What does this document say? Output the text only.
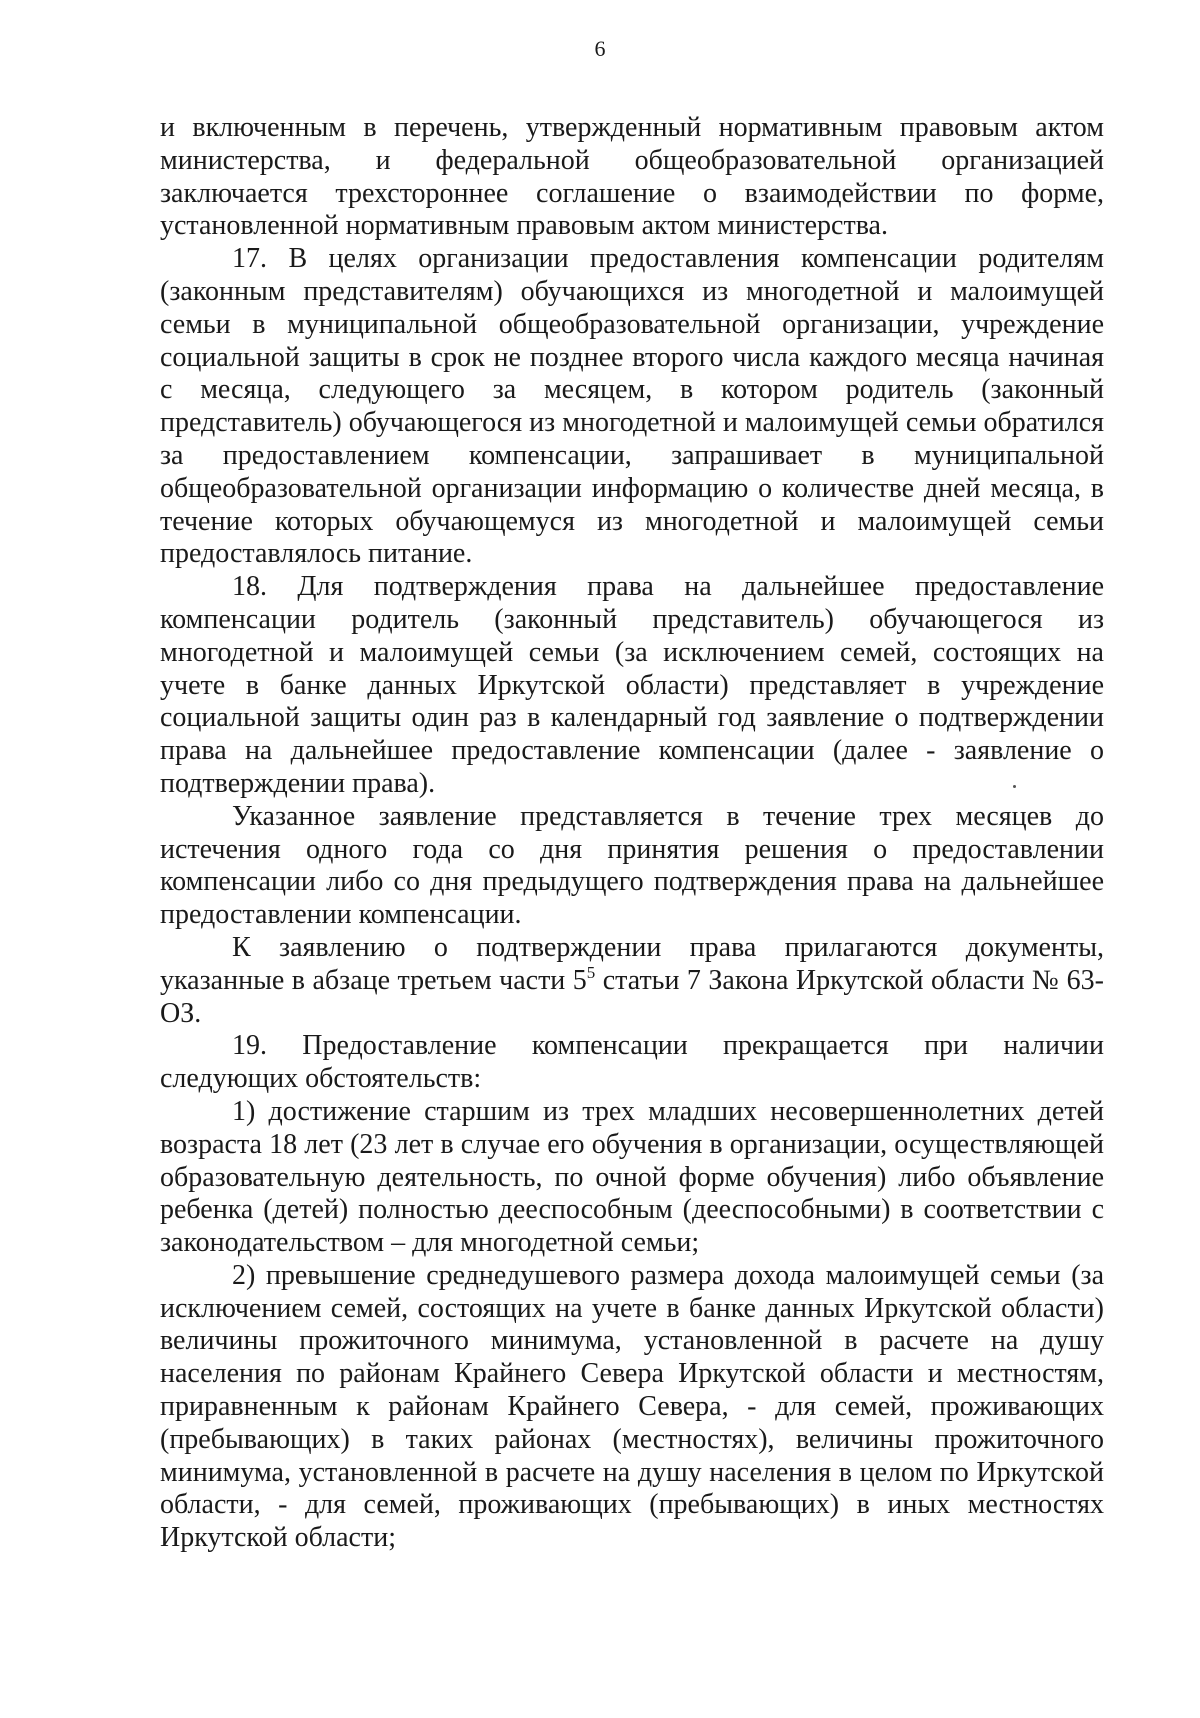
6

и включенным в перечень, утвержденный нормативным правовым актом министерства, и федеральной общеобразовательной организацией заключается трехстороннее соглашение о взаимодействии по форме, установленной нормативным правовым актом министерства.

17. В целях организации предоставления компенсации родителям (законным представителям) обучающихся из многодетной и малоимущей семьи в муниципальной общеобразовательной организации, учреждение социальной защиты в срок не позднее второго числа каждого месяца начиная с месяца, следующего за месяцем, в котором родитель (законный представитель) обучающегося из многодетной и малоимущей семьи обратился за предоставлением компенсации, запрашивает в муниципальной общеобразовательной организации информацию о количестве дней месяца, в течение которых обучающемуся из многодетной и малоимущей семьи предоставлялось питание.

18. Для подтверждения права на дальнейшее предоставление компенсации родитель (законный представитель) обучающегося из многодетной и малоимущей семьи (за исключением семей, состоящих на учете в банке данных Иркутской области) представляет в учреждение социальной защиты один раз в календарный год заявление о подтверждении права на дальнейшее предоставление компенсации (далее - заявление о подтверждении права).

Указанное заявление представляется в течение трех месяцев до истечения одного года со дня принятия решения о предоставлении компенсации либо со дня предыдущего подтверждения права на дальнейшее предоставлении компенсации.

К заявлению о подтверждении права прилагаются документы, указанные в абзаце третьем части $5^5$ статьи 7 Закона Иркутской области № 63-ОЗ.

19. Предоставление компенсации прекращается при наличии следующих обстоятельств:

1) достижение старшим из трех младших несовершеннолетних детей возраста 18 лет (23 лет в случае его обучения в организации, осуществляющей образовательную деятельность, по очной форме обучения) либо объявление ребенка (детей) полностью дееспособным (дееспособными) в соответствии с законодательством – для многодетной семьи;

2) превышение среднедушевого размера дохода малоимущей семьи (за исключением семей, состоящих на учете в банке данных Иркутской области) величины прожиточного минимума, установленной в расчете на душу населения по районам Крайнего Севера Иркутской области и местностям, приравненным к районам Крайнего Севера, - для семей, проживающих (пребывающих) в таких районах (местностях), величины прожиточного минимума, установленной в расчете на душу населения в целом по Иркутской области, - для семей, проживающих (пребывающих) в иных местностях Иркутской области;
